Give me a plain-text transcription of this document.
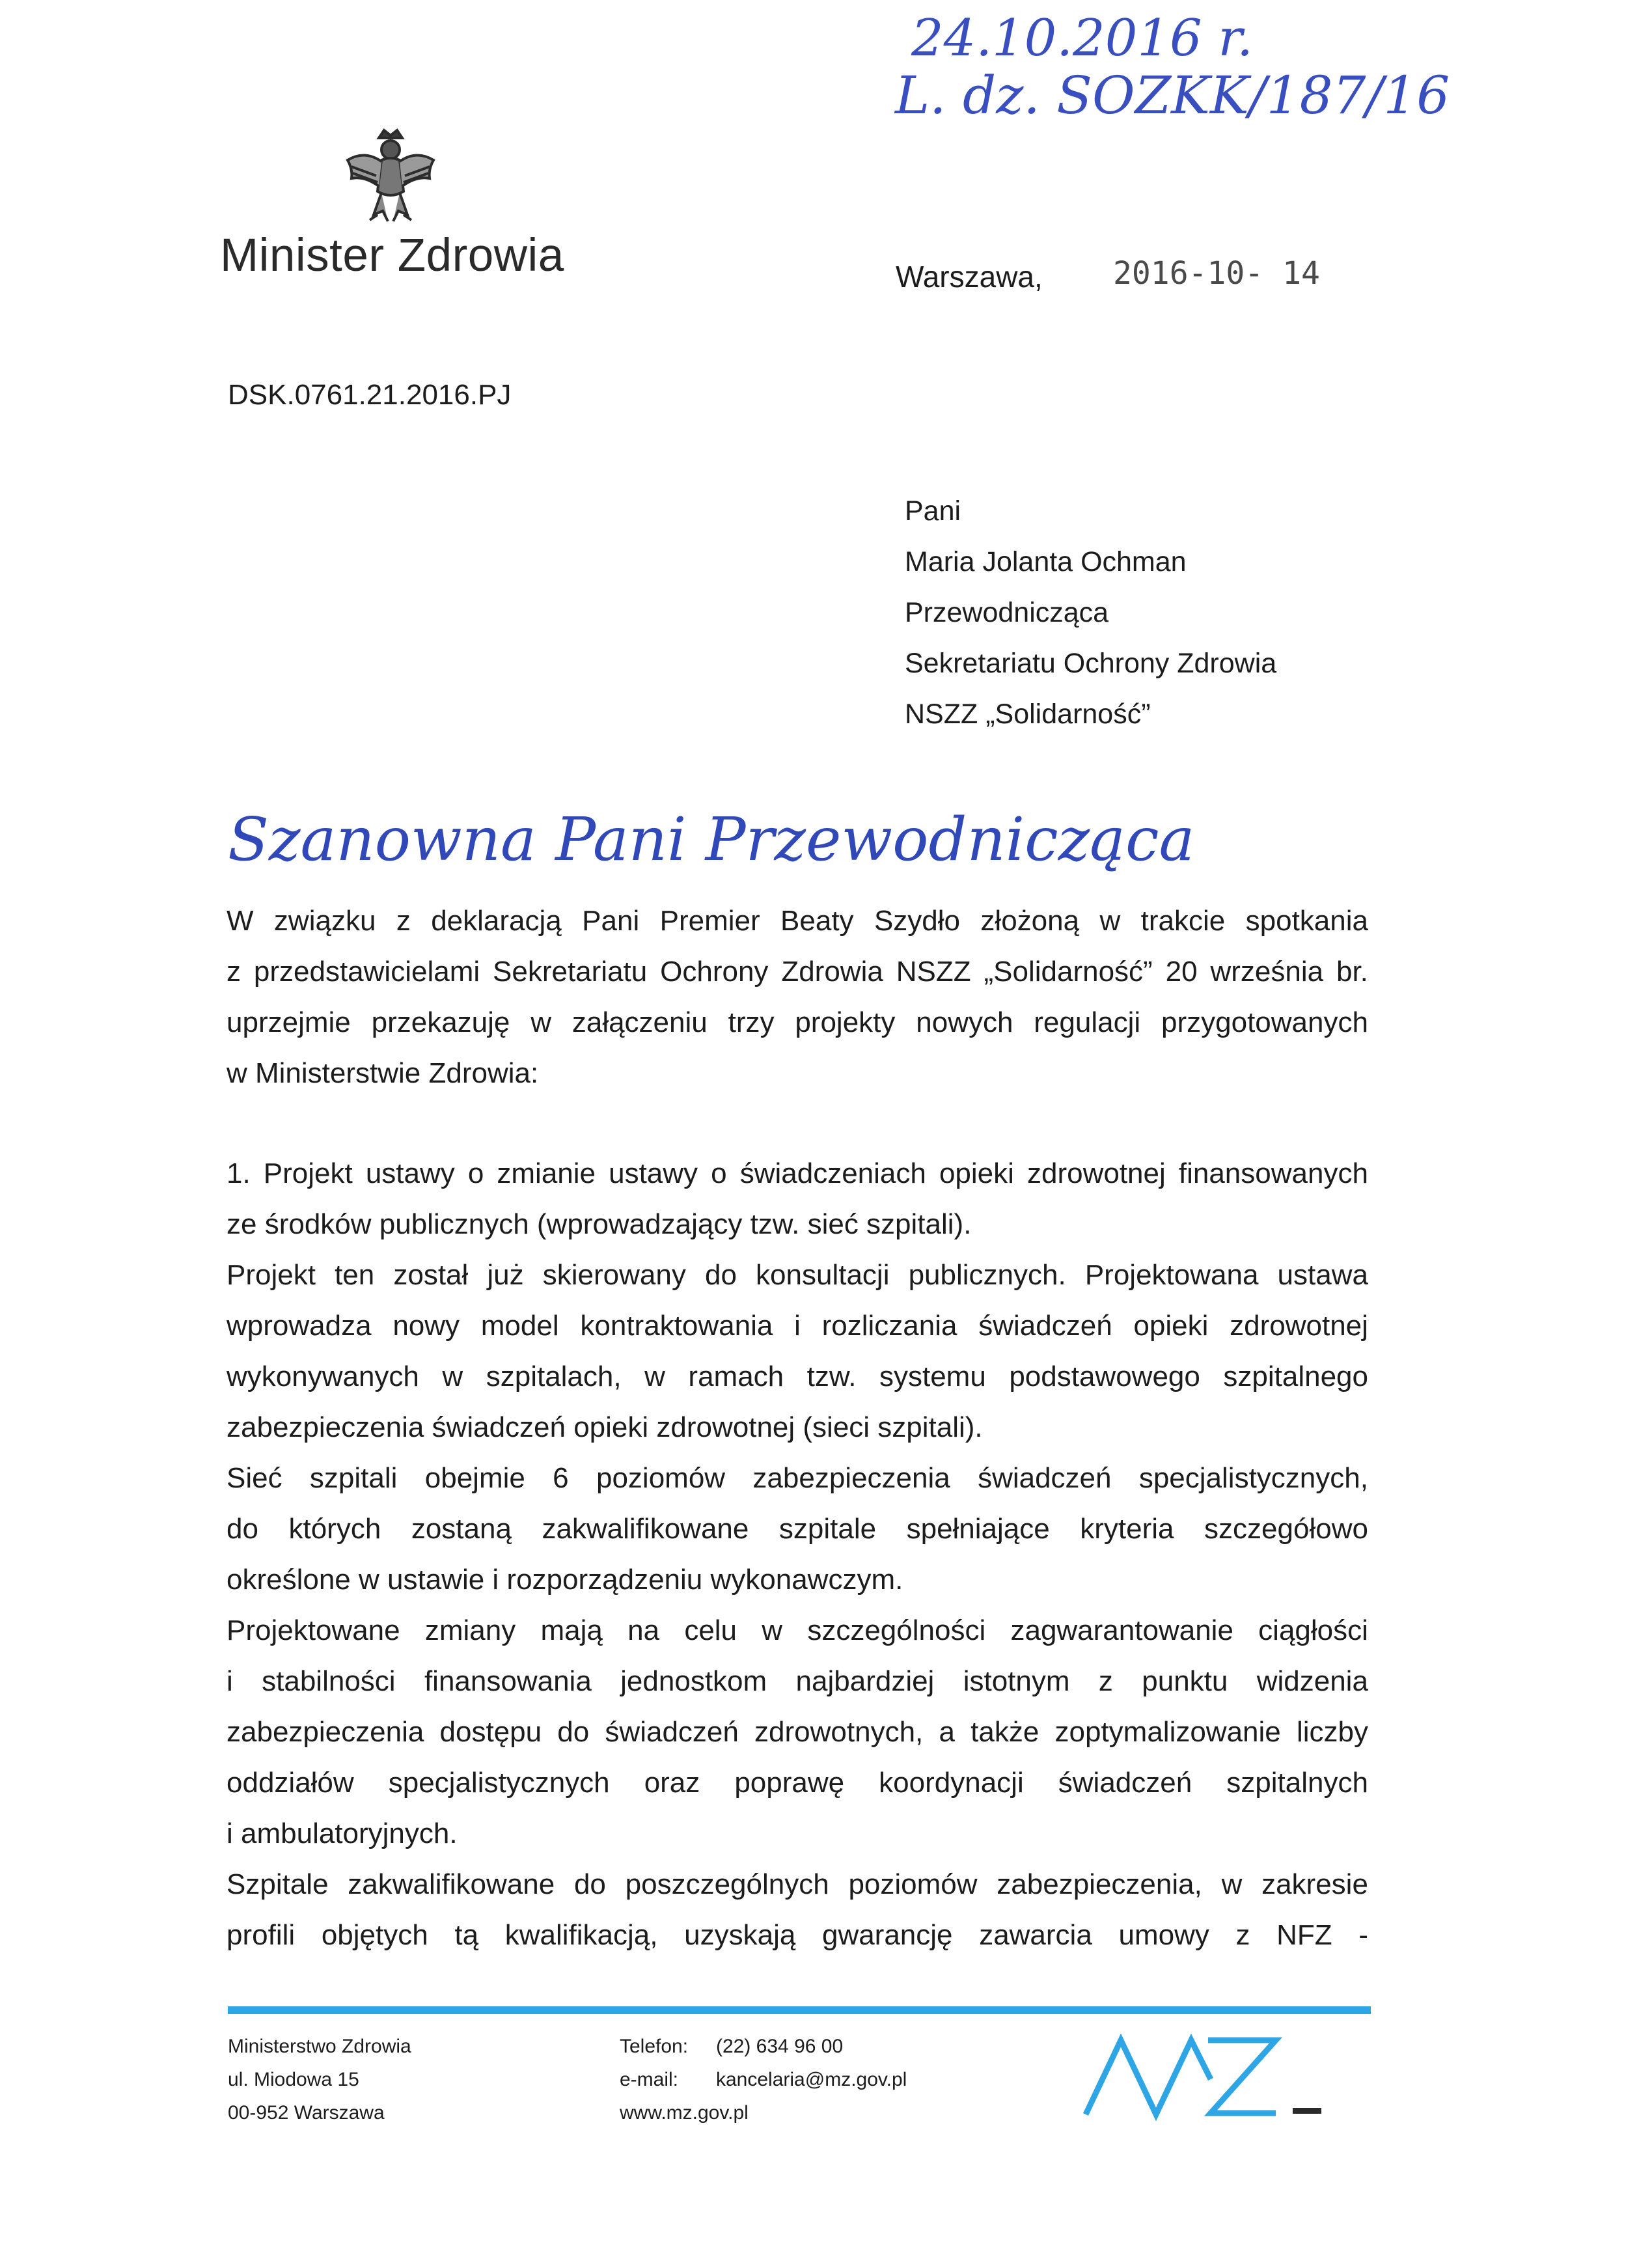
24.10.2016 r.
L. dz. SOZKK/187/16
Minister Zdrowia	Warszawa, 2016-10- 14
DSK.0761.21.2016.PJ
Pani
Maria Jolanta Ochman
Przewodnicząca
Sekretariatu Ochrony Zdrowia
NSZZ „Solidarność”
Szanowna Pani Przewodnicząca
W związku z deklaracją Pani Premier Beaty Szydło złożoną w trakcie spotkania
z przedstawicielami Sekretariatu Ochrony Zdrowia NSZZ „Solidarność” 20 września br.
uprzejmie przekazuję w załączeniu trzy projekty nowych regulacji przygotowanych
w Ministerstwie Zdrowia:
1. Projekt ustawy o zmianie ustawy o świadczeniach opieki zdrowotnej finansowanych
ze środków publicznych (wprowadzający tzw. sieć szpitali).
Projekt ten został już skierowany do konsultacji publicznych. Projektowana ustawa
wprowadza nowy model kontraktowania i rozliczania świadczeń opieki zdrowotnej
wykonywanych w szpitalach, w ramach tzw. systemu podstawowego szpitalnego
zabezpieczenia świadczeń opieki zdrowotnej (sieci szpitali).
Sieć szpitali obejmie 6 poziomów zabezpieczenia świadczeń specjalistycznych,
do których zostaną zakwalifikowane szpitale spełniające kryteria szczegółowo
określone w ustawie i rozporządzeniu wykonawczym.
Projektowane zmiany mają na celu w szczególności zagwarantowanie ciągłości
i stabilności finansowania jednostkom najbardziej istotnym z punktu widzenia
zabezpieczenia dostępu do świadczeń zdrowotnych, a także zoptymalizowanie liczby
oddziałów specjalistycznych oraz poprawę koordynacji świadczeń szpitalnych
i ambulatoryjnych.
Szpitale zakwalifikowane do poszczególnych poziomów zabezpieczenia, w zakresie
profili objętych tą kwalifikacją, uzyskają gwarancję zawarcia umowy z NFZ -
Ministerstwo Zdrowia
ul. Miodowa 15
00-952 Warszawa
Telefon: (22) 634 96 00
e-mail: kancelaria@mz.gov.pl
www.mz.gov.pl
